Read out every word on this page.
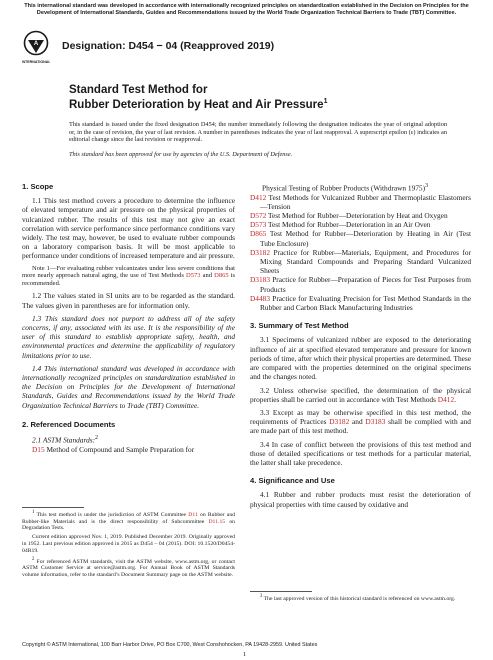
This international standard was developed in accordance with internationally recognized principles on standardization established in the Decision on Principles for the Development of International Standards, Guides and Recommendations issued by the World Trade Organization Technical Barriers to Trade (TBT) Committee.
A
INTERNATIONAL
Designation: D454 − 04 (Reapproved 2019)
Standard Test Method for
Rubber Deterioration by Heat and Air Pressure$^1$
This standard is issued under the fixed designation D454; the number immediately following the designation indicates the year of original adoption or, in the case of revision, the year of last revision. A number in parentheses indicates the year of last reapproval. A superscript epsilon (ε) indicates an editorial change since the last revision or reapproval.
This standard has been approved for use by agencies of the U.S. Department of Defense.

1. Scope

1.1 This test method covers a procedure to determine the influence of elevated temperature and air pressure on the physical properties of vulcanized rubber. The results of this test may not give an exact correlation with service performance since performance conditions vary widely. The test may, however, be used to evaluate rubber compounds on a laboratory comparison basis. It will be most applicable to performance under conditions of increased temperature and air pressure.

Note 1—For evaluating rubber vulcanizates under less severe conditions that more nearly approach natural aging, the use of Test Methods D573 and D865 is recommended.

1.2 The values stated in SI units are to be regarded as the standard. The values given in parentheses are for information only.

1.3 This standard does not purport to address all of the safety concerns, if any, associated with its use. It is the responsibility of the user of this standard to establish appropriate safety, health, and environmental practices and determine the applicability of regulatory limitations prior to use.

1.4 This international standard was developed in accordance with internationally recognized principles on standardization established in the Decision on Principles for the Development of International Standards, Guides and Recommendations issued by the World Trade Organization Technical Barriers to Trade (TBT) Committee.

2. Referenced Documents

2.1 ASTM Standards:$^2$

D15 Method of Compound and Sample Preparation for

$^1$ This test method is under the jurisdiction of ASTM Committee D11 on Rubber and Rubber-like Materials and is the direct responsibility of Subcommittee D11.15 on Degradation Tests.

Current edition approved Nov. 1, 2019. Published December 2019. Originally approved in 1952. Last previous edition approved in 2015 as D454 – 04 (2015). DOI: 10.1520/D0454-04R19.

$^2$ For referenced ASTM standards, visit the ASTM website, www.astm.org, or contact ASTM Customer Service at service@astm.org. For Annual Book of ASTM Standards volume information, refer to the standard’s Document Summary page on the ASTM website.

Physical Testing of Rubber Products (Withdrawn 1975)$^3$

D412 Test Methods for Vulcanized Rubber and Thermoplastic Elastomers—Tension

D572 Test Method for Rubber—Deterioration by Heat and Oxygen

D573 Test Method for Rubber—Deterioration in an Air Oven

D865 Test Method for Rubber—Deterioration by Heating in Air (Test Tube Enclosure)

D3182 Practice for Rubber—Materials, Equipment, and Procedures for Mixing Standard Compounds and Preparing Standard Vulcanized Sheets

D3183 Practice for Rubber—Preparation of Pieces for Test Purposes from Products

D4483 Practice for Evaluating Precision for Test Method Standards in the Rubber and Carbon Black Manufacturing Industries

3. Summary of Test Method

3.1 Specimens of vulcanized rubber are exposed to the deteriorating influence of air at specified elevated temperature and pressure for known periods of time, after which their physical properties are determined. These are compared with the properties determined on the original specimens and the changes noted.

3.2 Unless otherwise specified, the determination of the physical properties shall be carried out in accordance with Test Methods D412.

3.3 Except as may be otherwise specified in this test method, the requirements of Practices D3182 and D3183 shall be complied with and are made part of this test method.

3.4 In case of conflict between the provisions of this test method and those of detailed specifications or test methods for a particular material, the latter shall take precedence.

4. Significance and Use

4.1 Rubber and rubber products must resist the deterioration of physical properties with time caused by oxidative and

$^3$ The last approved version of this historical standard is referenced on www.astm.org.
Copyright © ASTM International, 100 Barr Harbor Drive, PO Box C700, West Conshohocken, PA 19428-2959. United States
1
